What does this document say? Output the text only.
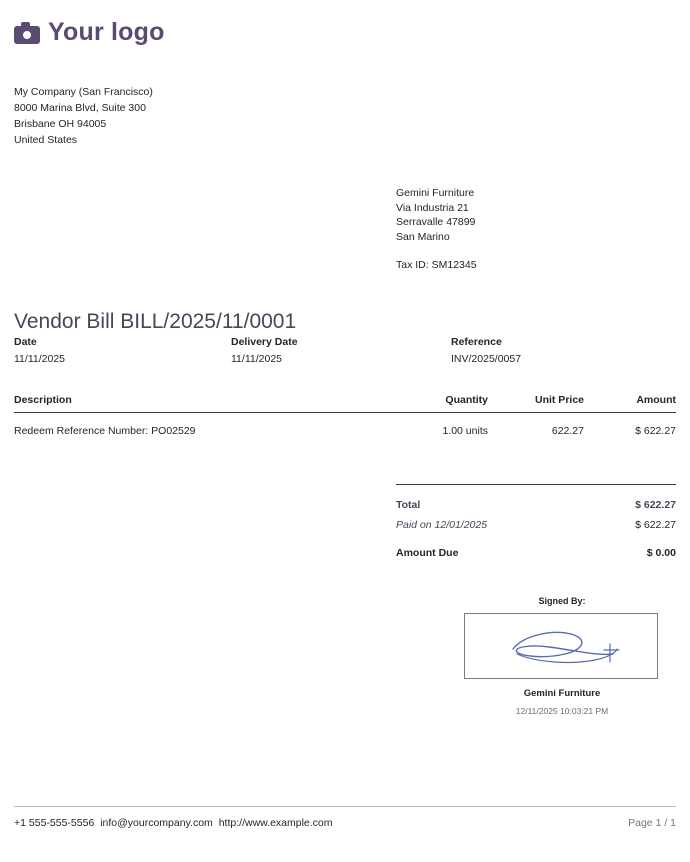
Your logo
My Company (San Francisco)
8000 Marina Blvd, Suite 300
Brisbane OH 94005
United States
Gemini Furniture
Via Industria 21
Serravalle 47899
San Marino
Tax ID: SM12345
Vendor Bill BILL/2025/11/0001
Date
11/11/2025
Delivery Date
11/11/2025
Reference
INV/2025/0057
Description	Quantity	Unit Price	Amount
Redeem Reference Number: PO02529	1.00 units	622.27	$ 622.27
Total	$ 622.27
Paid on 12/01/2025	$ 622.27
Amount Due	$ 0.00
Signed By:
Gemini Furniture
12/11/2025 10:03:21 PM
+1 555-555-5556 info@yourcompany.com http://www.example.com	Page 1 / 1
